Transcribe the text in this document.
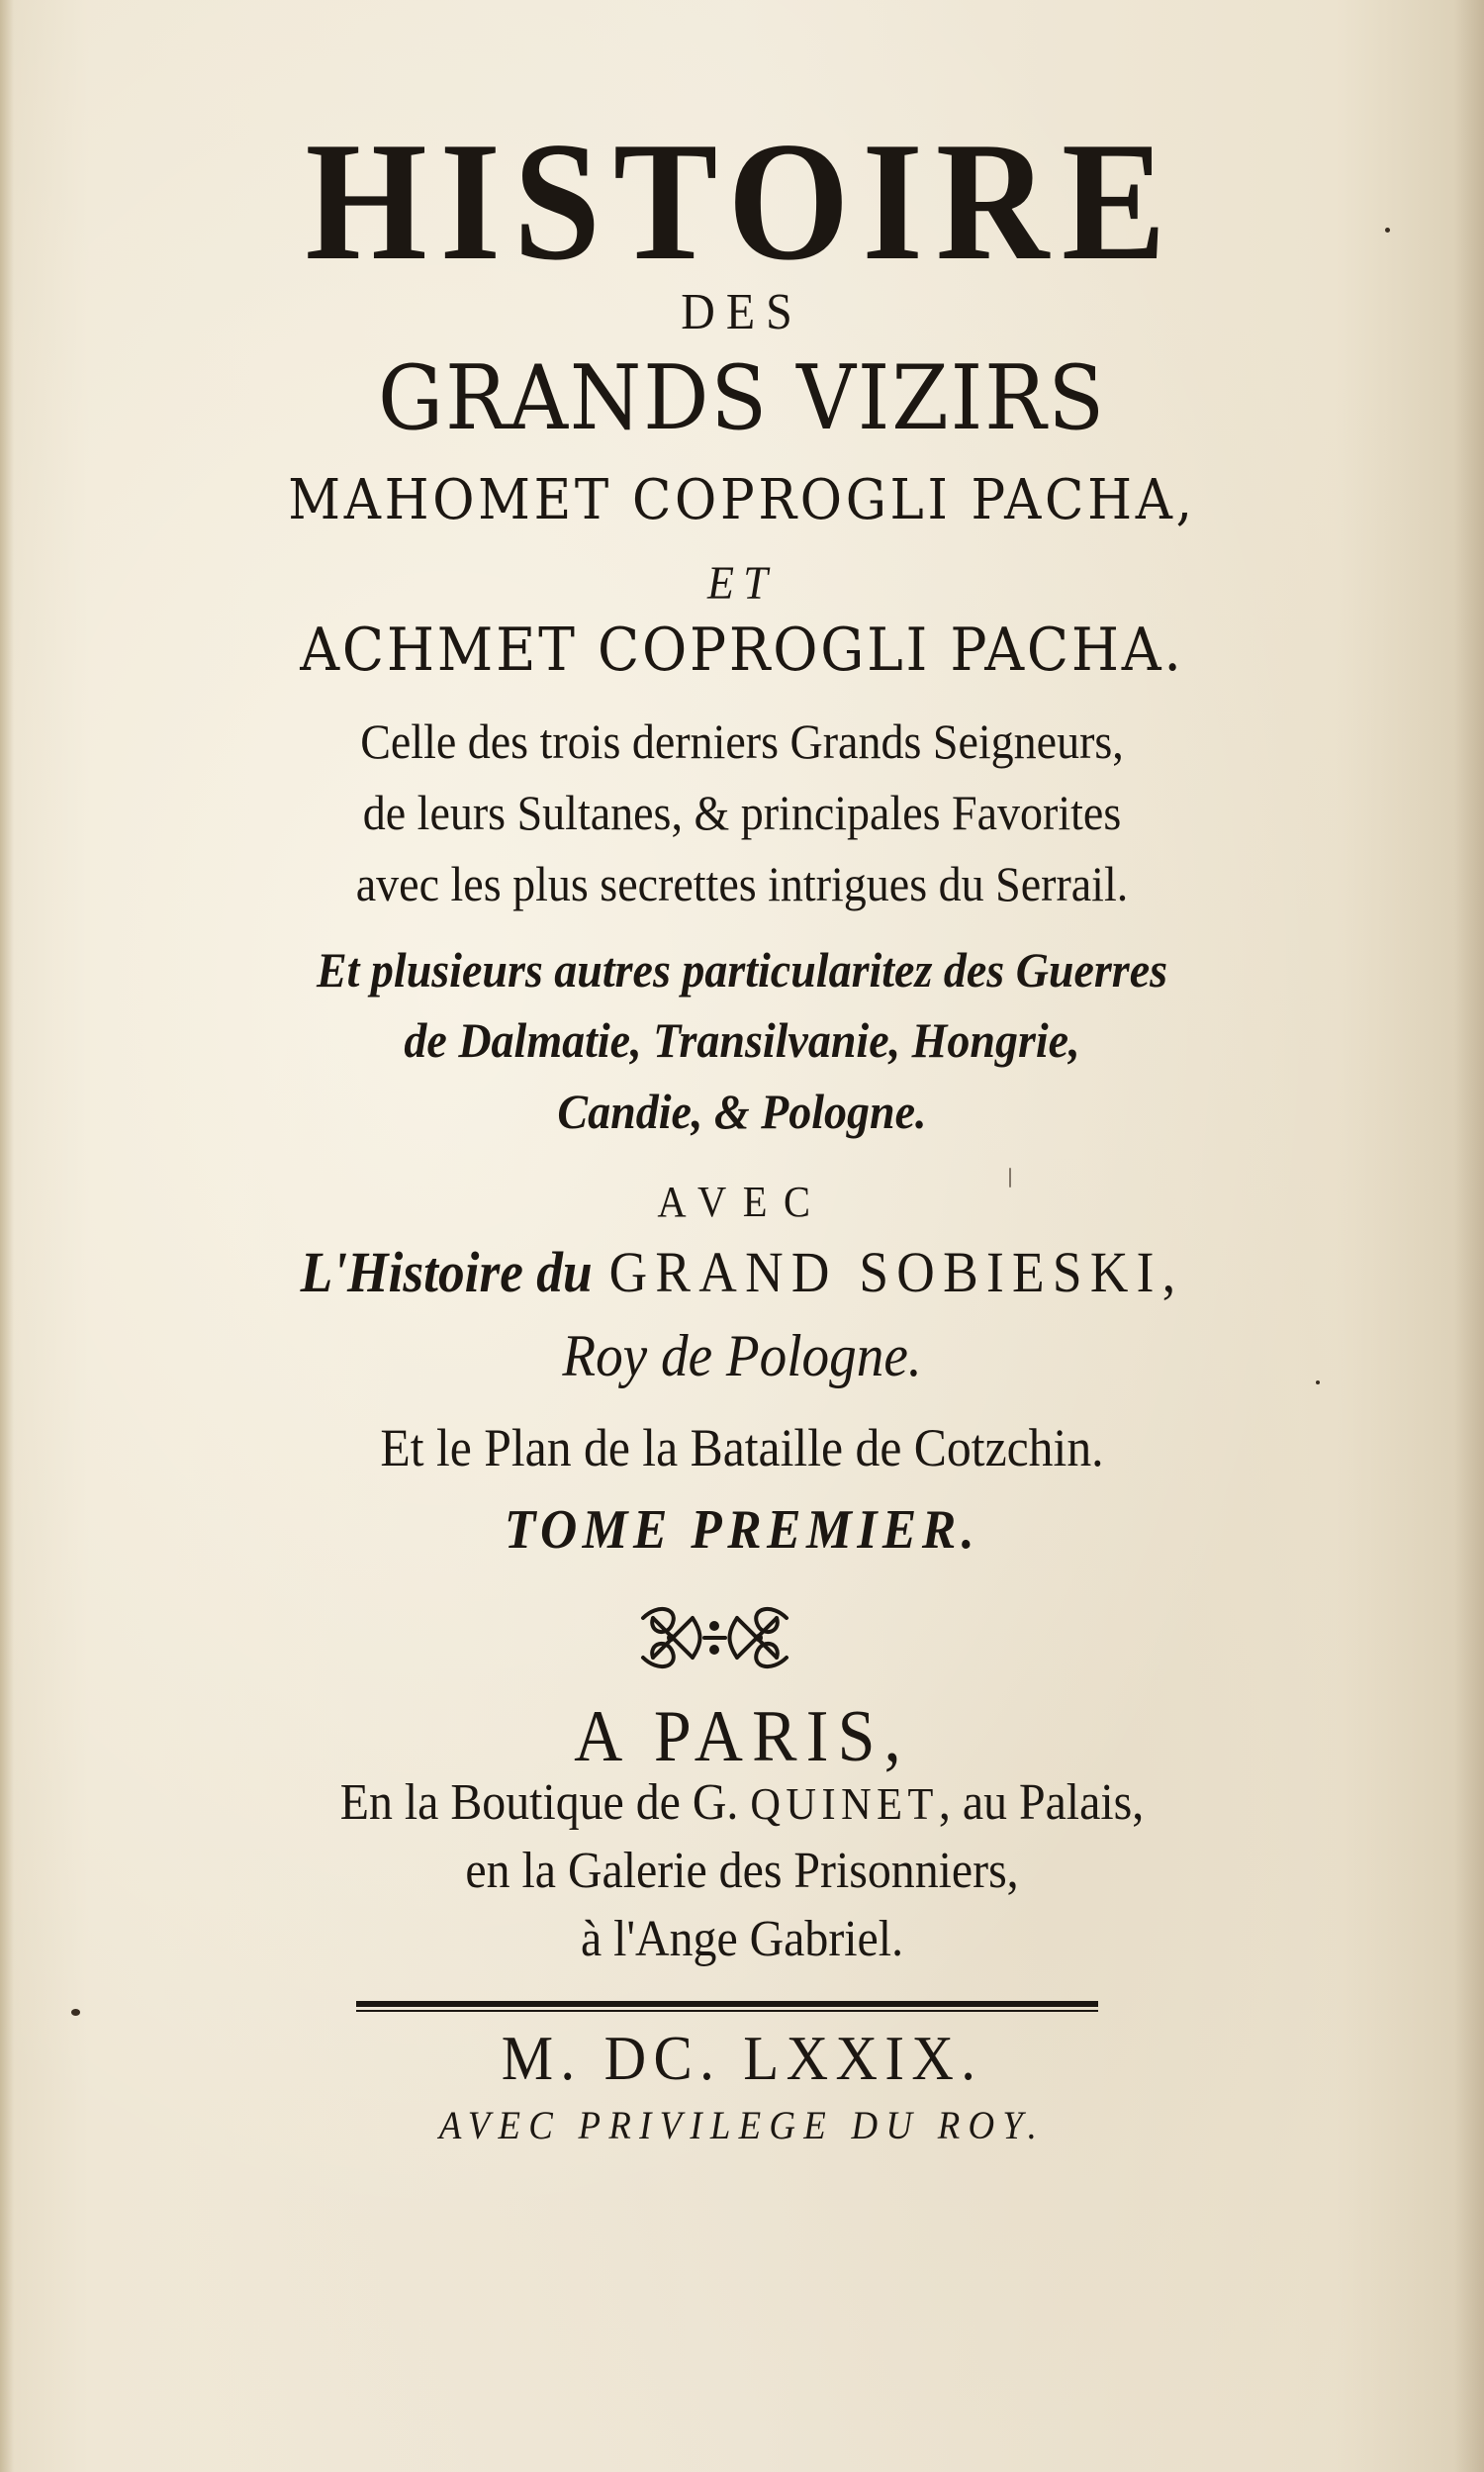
HISTOIRE
DES
GRANDS VIZIRS
MAHOMET COPROGLI PACHA,
ET
ACHMET COPROGLI PACHA.
Celle des trois derniers Grands Seigneurs,
de leurs Sultanes, & principales Favorites
avec les plus secrettes intrigues du Serrail.
Et plusieurs autres particularitez des Guerres
de Dalmatie, Transilvanie, Hongrie,
Candie, & Pologne.
AVEC
L'Histoire du GRAND SOBIESKI,
Roy de Pologne.
Et le Plan de la Bataille de Cotzchin.
TOME PREMIER.
A PARIS,
En la Boutique de G. QUINET, au Palais,
en la Galerie des Prisonniers,
à l'Ange Gabriel.
M. DC. LXXIX.
AVEC PRIVILEGE DU ROY.
